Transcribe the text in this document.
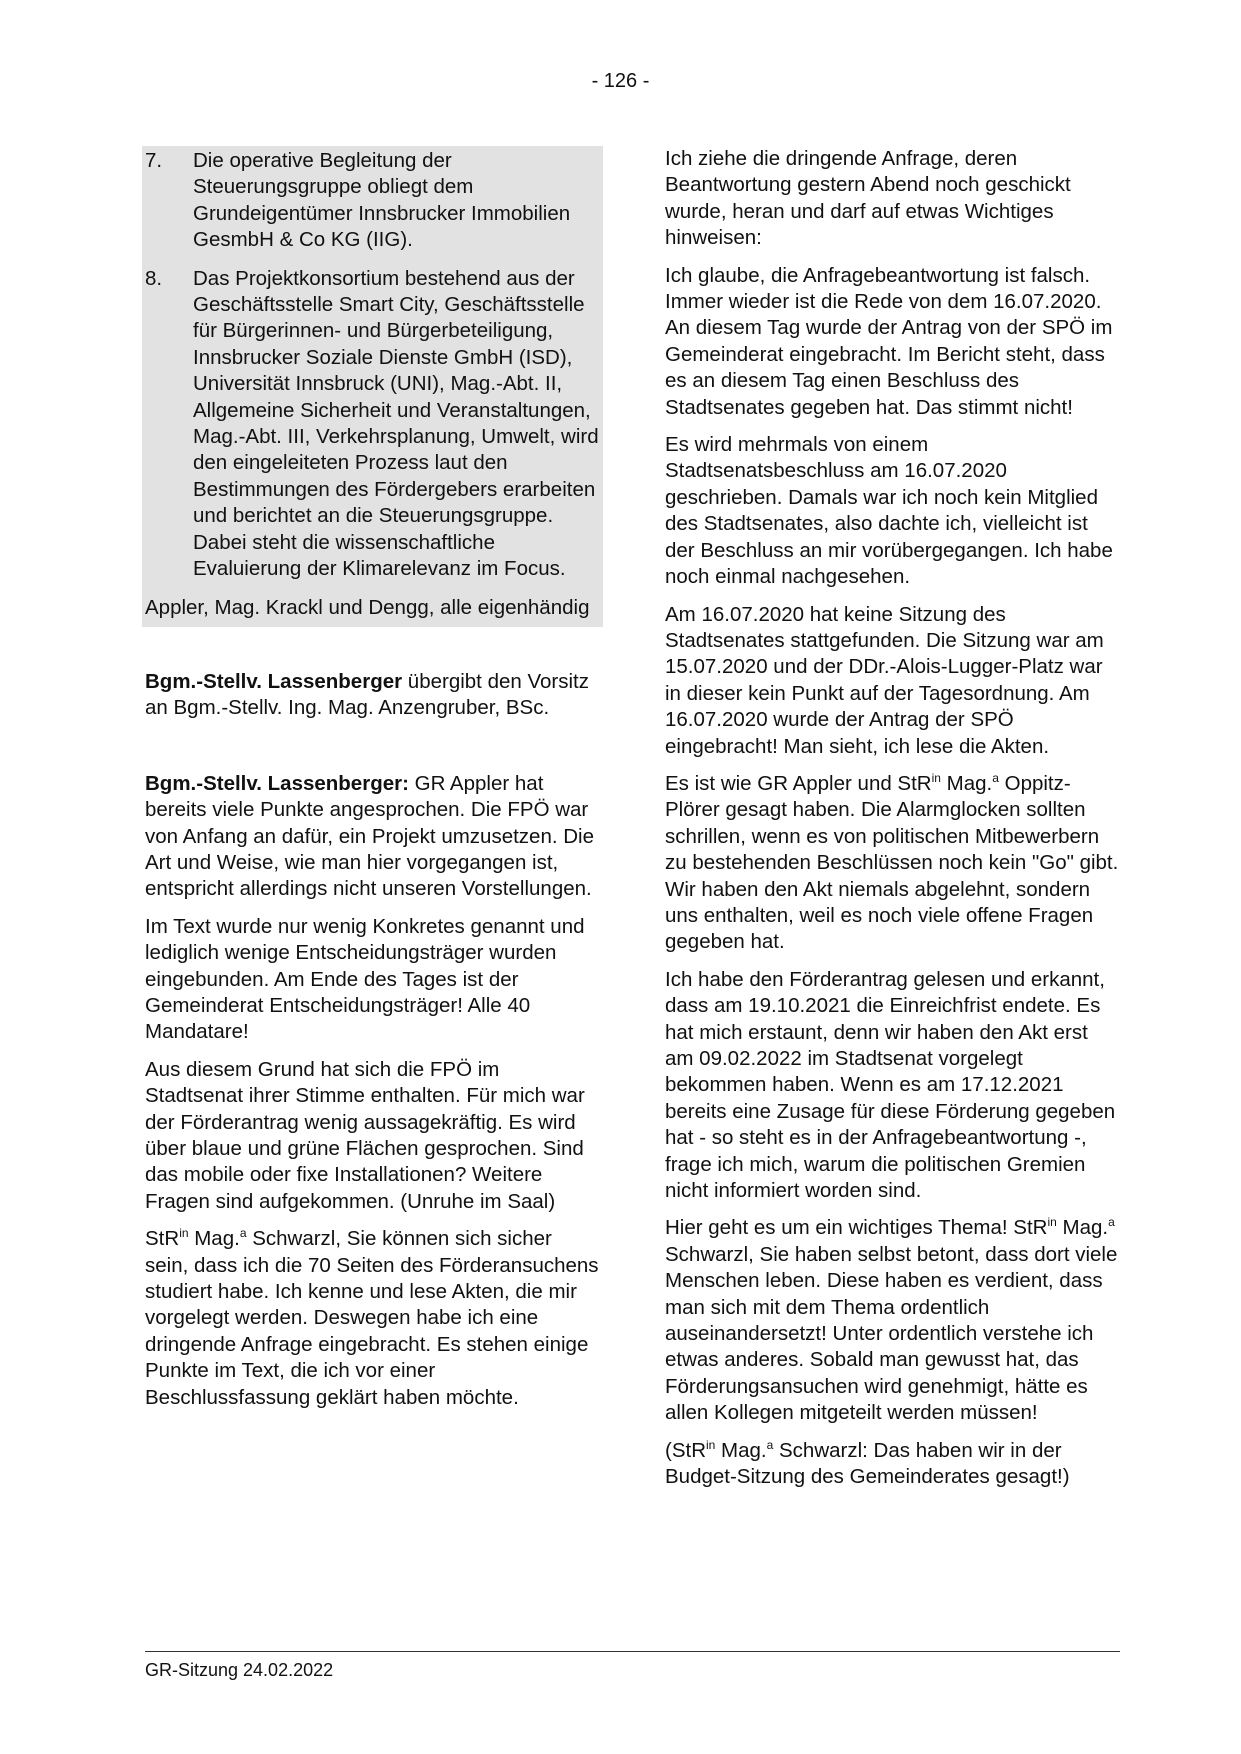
- 126 -
7.	Die operative Begleitung der Steuerungsgruppe obliegt dem Grundeigentümer Innsbrucker Immobilien GesmbH & Co KG (IIG).
8.	Das Projektkonsortium bestehend aus der Geschäftsstelle Smart City, Geschäftsstelle für Bürgerinnen- und Bürgerbeteiligung, Innsbrucker Soziale Dienste GmbH (ISD), Universität Innsbruck (UNI), Mag.-Abt. II, Allgemeine Sicherheit und Veranstaltungen, Mag.-Abt. III, Verkehrsplanung, Umwelt, wird den eingeleiteten Prozess laut den Bestimmungen des Fördergebers erarbeiten und berichtet an die Steuerungsgruppe. Dabei steht die wissenschaftliche Evaluierung der Klimarelevanz im Focus.

Appler, Mag. Krackl und Dengg, alle eigenhändig

Bgm.-Stellv. Lassenberger übergibt den Vorsitz an Bgm.-Stellv. Ing. Mag. Anzengruber, BSc.

Bgm.-Stellv. Lassenberger: GR Appler hat bereits viele Punkte angesprochen. Die FPÖ war von Anfang an dafür, ein Projekt umzusetzen. Die Art und Weise, wie man hier vorgegangen ist, entspricht allerdings nicht unseren Vorstellungen.

Im Text wurde nur wenig Konkretes genannt und lediglich wenige Entscheidungsträger wurden eingebunden. Am Ende des Tages ist der Gemeinderat Entscheidungsträger! Alle 40 Mandatare!

Aus diesem Grund hat sich die FPÖ im Stadtsenat ihrer Stimme enthalten. Für mich war der Förderantrag wenig aussagekräftig. Es wird über blaue und grüne Flächen gesprochen. Sind das mobile oder fixe Installationen? Weitere Fragen sind aufgekommen. (Unruhe im Saal)

StR$^{in}$ Mag.$^a$ Schwarzl, Sie können sich sicher sein, dass ich die 70 Seiten des Förderansuchens studiert habe. Ich kenne und lese Akten, die mir vorgelegt werden. Deswegen habe ich eine dringende Anfrage eingebracht. Es stehen einige Punkte im Text, die ich vor einer Beschlussfassung geklärt haben möchte.

Ich ziehe die dringende Anfrage, deren Beantwortung gestern Abend noch geschickt wurde, heran und darf auf etwas Wichtiges hinweisen:

Ich glaube, die Anfragebeantwortung ist falsch. Immer wieder ist die Rede von dem 16.07.2020. An diesem Tag wurde der Antrag von der SPÖ im Gemeinderat eingebracht. Im Bericht steht, dass es an diesem Tag einen Beschluss des Stadtsenates gegeben hat. Das stimmt nicht!

Es wird mehrmals von einem Stadtsenatsbeschluss am 16.07.2020 geschrieben. Damals war ich noch kein Mitglied des Stadtsenates, also dachte ich, vielleicht ist der Beschluss an mir vorübergegangen. Ich habe noch einmal nachgesehen.

Am 16.07.2020 hat keine Sitzung des Stadtsenates stattgefunden. Die Sitzung war am 15.07.2020 und der DDr.-Alois-Lugger-Platz war in dieser kein Punkt auf der Tagesordnung. Am 16.07.2020 wurde der Antrag der SPÖ eingebracht! Man sieht, ich lese die Akten.

Es ist wie GR Appler und StR$^{in}$ Mag.$^a$ Oppitz-Plörer gesagt haben. Die Alarmglocken sollten schrillen, wenn es von politischen Mitbewerbern zu bestehenden Beschlüssen noch kein "Go" gibt. Wir haben den Akt niemals abgelehnt, sondern uns enthalten, weil es noch viele offene Fragen gegeben hat.

Ich habe den Förderantrag gelesen und erkannt, dass am 19.10.2021 die Einreichfrist endete. Es hat mich erstaunt, denn wir haben den Akt erst am 09.02.2022 im Stadtsenat vorgelegt bekommen haben. Wenn es am 17.12.2021 bereits eine Zusage für diese Förderung gegeben hat - so steht es in der Anfragebeantwortung -, frage ich mich, warum die politischen Gremien nicht informiert worden sind.

Hier geht es um ein wichtiges Thema! StR$^{in}$ Mag.$^a$ Schwarzl, Sie haben selbst betont, dass dort viele Menschen leben. Diese haben es verdient, dass man sich mit dem Thema ordentlich auseinandersetzt! Unter ordentlich verstehe ich etwas anderes. Sobald man gewusst hat, das Förderungsansuchen wird genehmigt, hätte es allen Kollegen mitgeteilt werden müssen!

(StR$^{in}$ Mag.$^a$ Schwarzl: Das haben wir in der Budget-Sitzung des Gemeinderates gesagt!)

GR-Sitzung 24.02.2022
